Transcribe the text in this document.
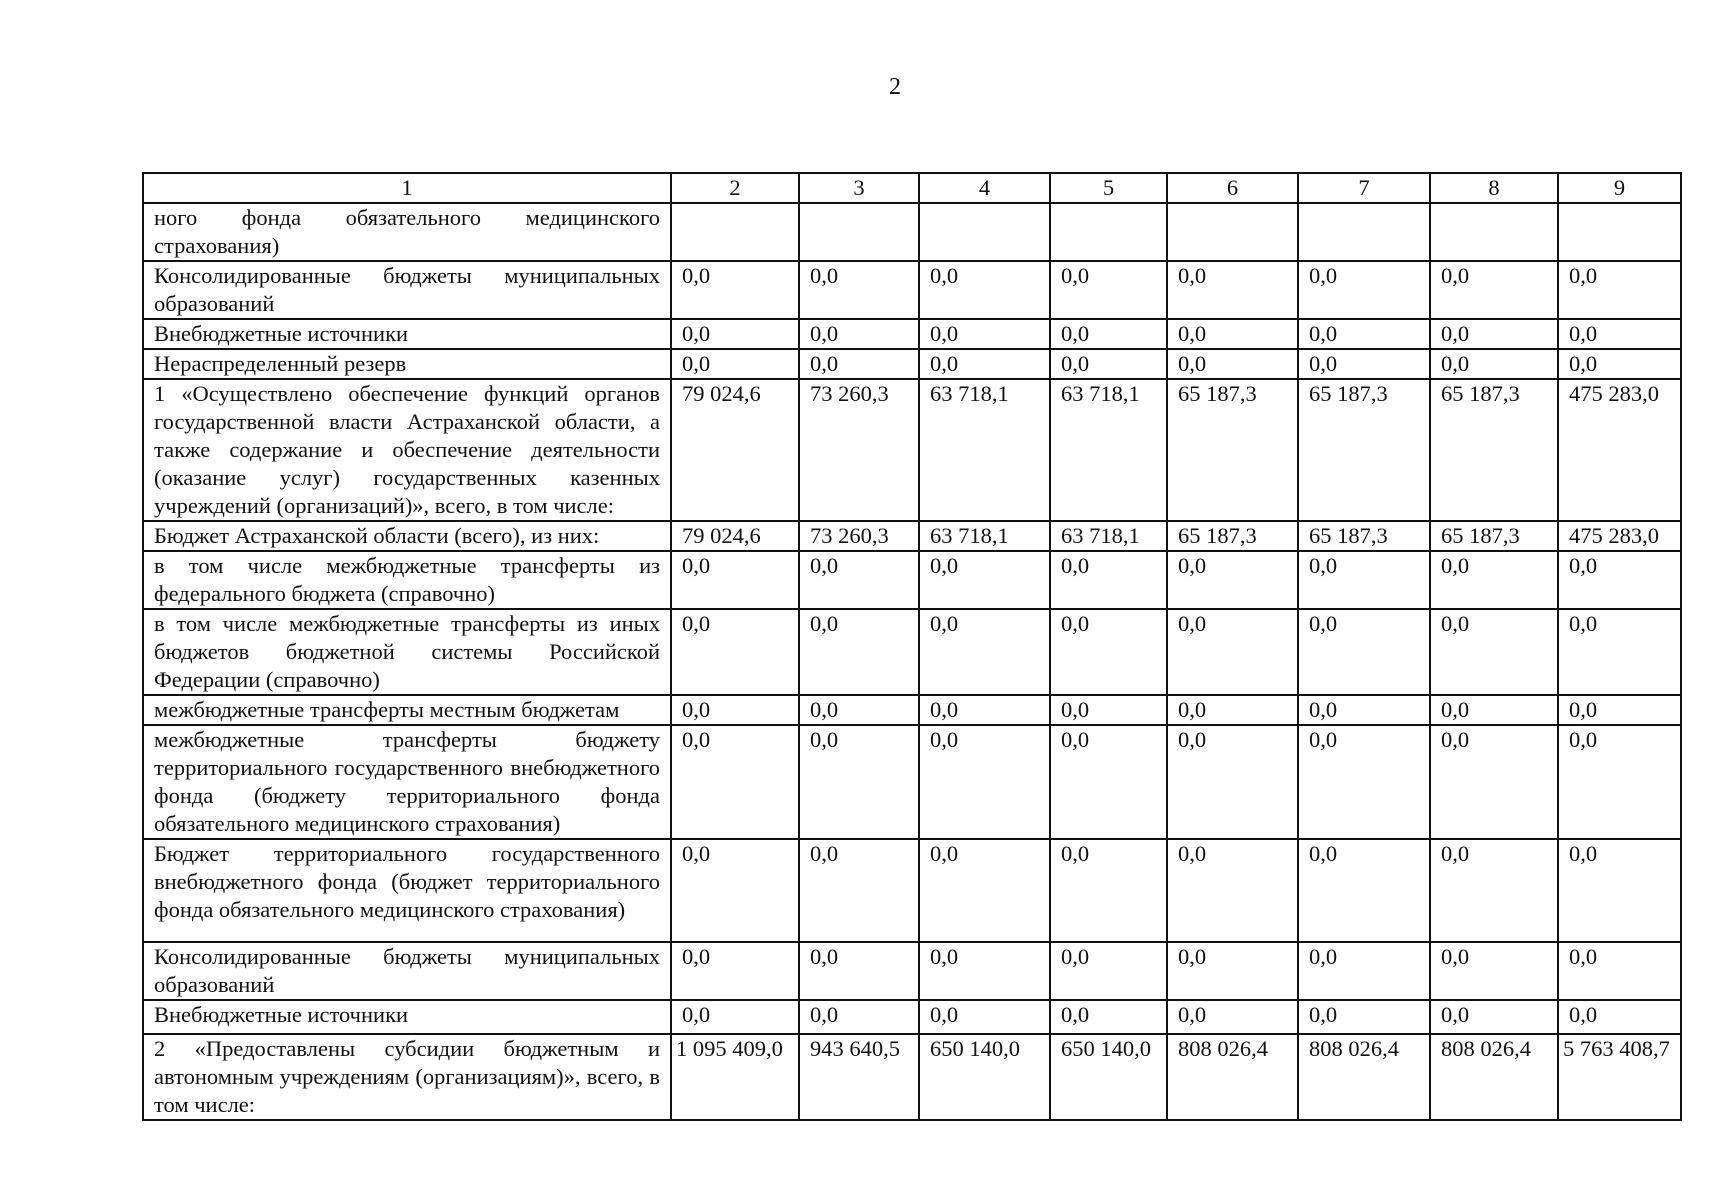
2
1	2	3	4	5	6	7	8	9
ного фонда обязательного медицинского страхования)								
Консолидированные бюджеты муниципальных образований	0,0	0,0	0,0	0,0	0,0	0,0	0,0	0,0
Внебюджетные источники	0,0	0,0	0,0	0,0	0,0	0,0	0,0	0,0
Нераспределенный резерв	0,0	0,0	0,0	0,0	0,0	0,0	0,0	0,0
1 «Осуществлено обеспечение функций органов государственной власти Астраханской области, а также содержание и обеспечение деятельности (оказание услуг) государственных казенных учреждений (организаций)», всего, в том числе:	79 024,6	73 260,3	63 718,1	63 718,1	65 187,3	65 187,3	65 187,3	475 283,0
Бюджет Астраханской области (всего), из них:	79 024,6	73 260,3	63 718,1	63 718,1	65 187,3	65 187,3	65 187,3	475 283,0
в том числе межбюджетные трансферты из федерального бюджета (справочно)	0,0	0,0	0,0	0,0	0,0	0,0	0,0	0,0
в том числе межбюджетные трансферты из иных бюджетов бюджетной системы Российской Федерации (справочно)	0,0	0,0	0,0	0,0	0,0	0,0	0,0	0,0
межбюджетные трансферты местным бюджетам	0,0	0,0	0,0	0,0	0,0	0,0	0,0	0,0
межбюджетные трансферты бюджету территориального государственного внебюджетного фонда (бюджету территориального фонда обязательного медицинского страхования)	0,0	0,0	0,0	0,0	0,0	0,0	0,0	0,0
Бюджет территориального государственного внебюджетного фонда (бюджет территориального фонда обязательного медицинского страхования)	0,0	0,0	0,0	0,0	0,0	0,0	0,0	0,0
Консолидированные бюджеты муниципальных образований	0,0	0,0	0,0	0,0	0,0	0,0	0,0	0,0
Внебюджетные источники	0,0	0,0	0,0	0,0	0,0	0,0	0,0	0,0
2 «Предоставлены субсидии бюджетным и автономным учреждениям (организациям)», всего, в том числе:	1 095 409,0	943 640,5	650 140,0	650 140,0	808 026,4	808 026,4	808 026,4	5 763 408,7
